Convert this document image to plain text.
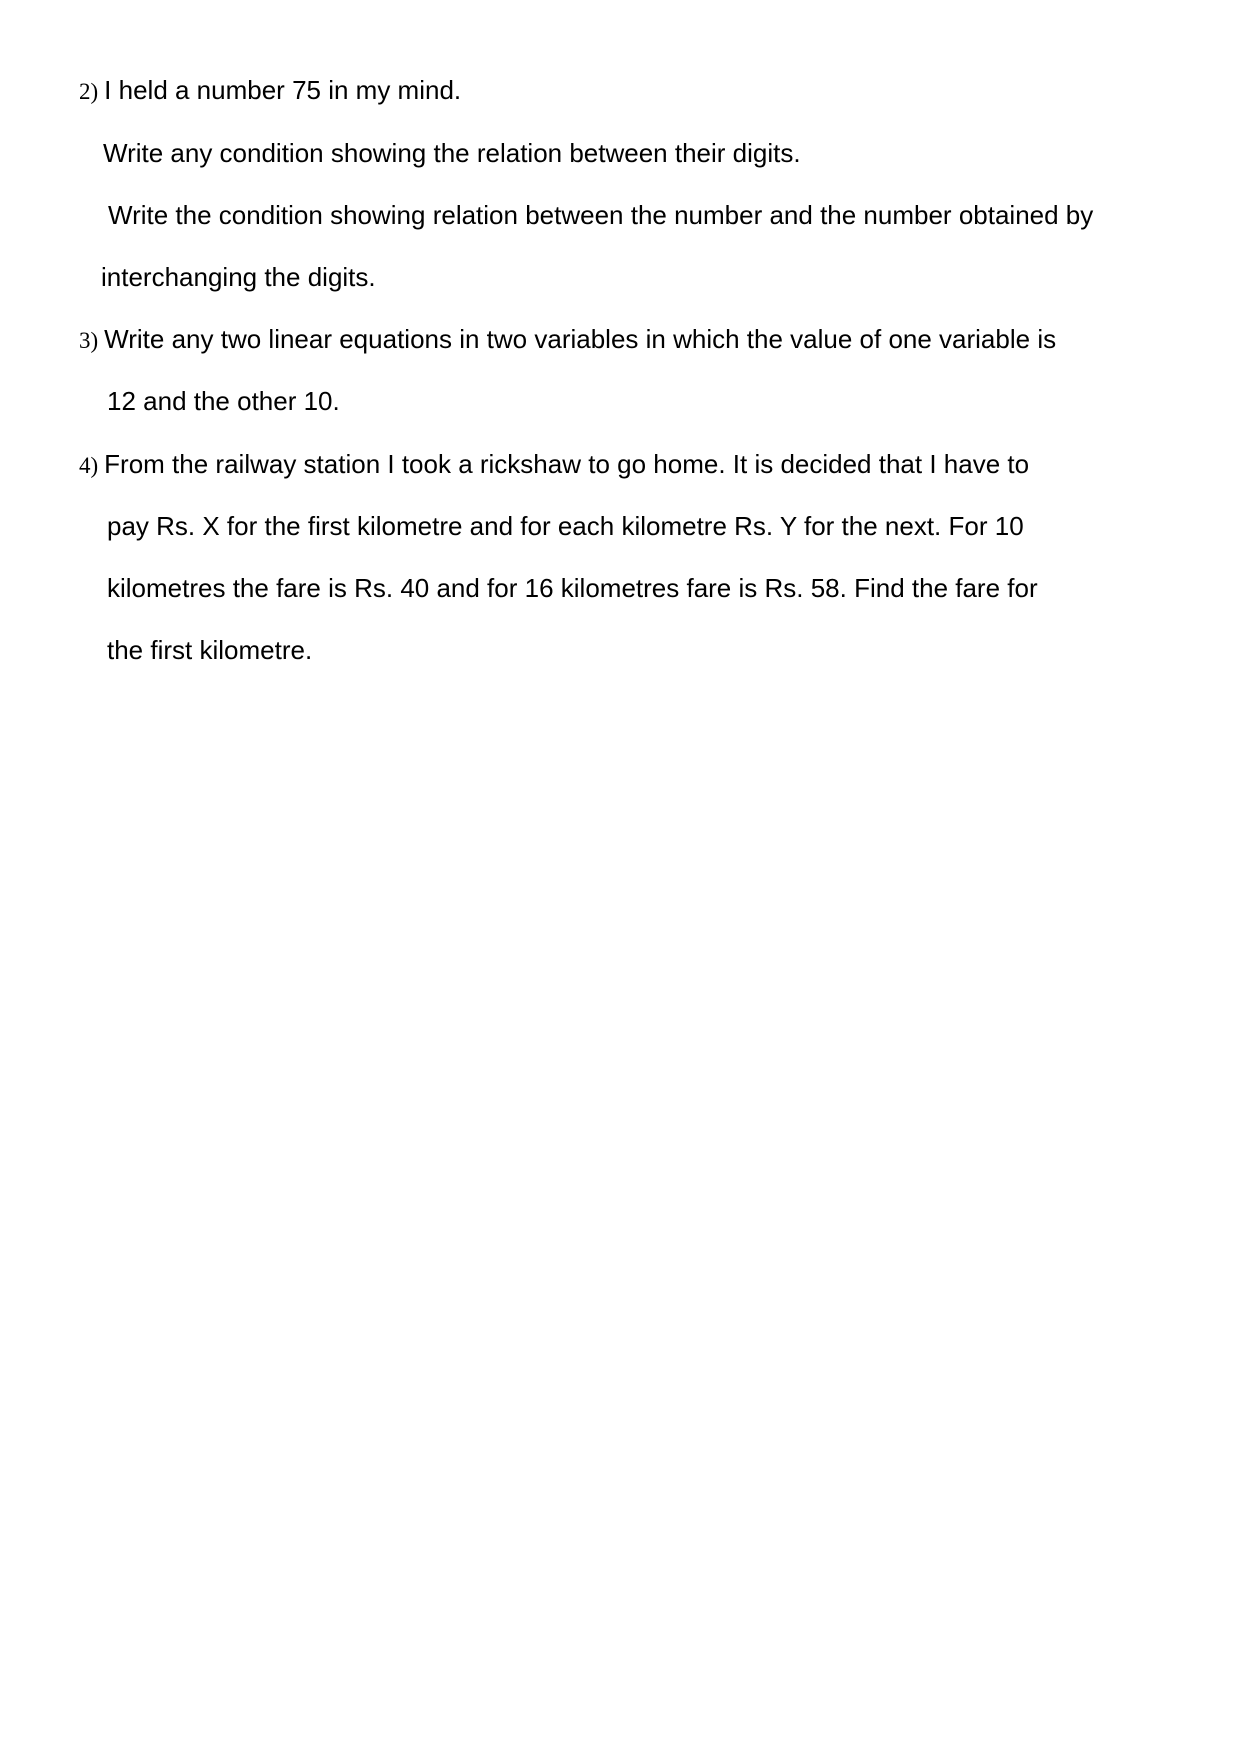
2) I held a number 75 in my mind.
Write any condition showing the relation between their digits.
Write the condition showing relation between the number and the number obtained by
interchanging the digits.
3) Write any two linear equations in two variables in which the value of one variable is
12 and the other 10.
4) From the railway station I took a rickshaw to go home. It is decided that I have to
pay Rs. X for the first kilometre and for each kilometre Rs. Y for the next. For 10
kilometres the fare is Rs. 40 and for 16 kilometres fare is Rs. 58. Find the fare for
the first kilometre.
